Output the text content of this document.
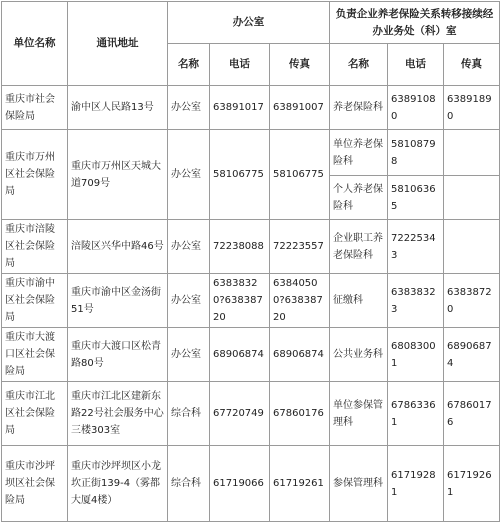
单位名称	通讯地址	办公室			负责企业养老保险关系转移接续经办业务处（科）室		
		名称	电话	传真	名称	电话	传真
重庆市社会保险局	渝中区人民路13号	办公室	63891017	63891007	养老保险科	63891080	63891890
重庆市万州区社会保险局	重庆市万州区天城大道709号	办公室	58106775	58106775	单位养老保险科	58108798	
					个人养老保险科	58106365	
重庆市涪陵区社会保险局	涪陵区兴华中路46号	办公室	72238088	72223557	企业职工养老保险科	72225343	
重庆市渝中区社会保险局	重庆市渝中区金汤街51号	办公室	63838320?63838720	63840500?63838720	征缴科	63838323	63838720
重庆市大渡口区社会保险局	重庆市大渡口区松青路80号	办公室	68906874	68906874	公共业务科	68083001	68906874
重庆市江北区社会保险局	重庆市江北区建新东路22号社会服务中心三楼303室	综合科	67720749	67860176	单位参保管理科	67863361	67860176
重庆市沙坪坝区社会保险局	重庆市沙坪坝区小龙坎正街139-4（雾都大厦4楼）	综合科	61719066	61719261	参保管理科	61719281	61719261
